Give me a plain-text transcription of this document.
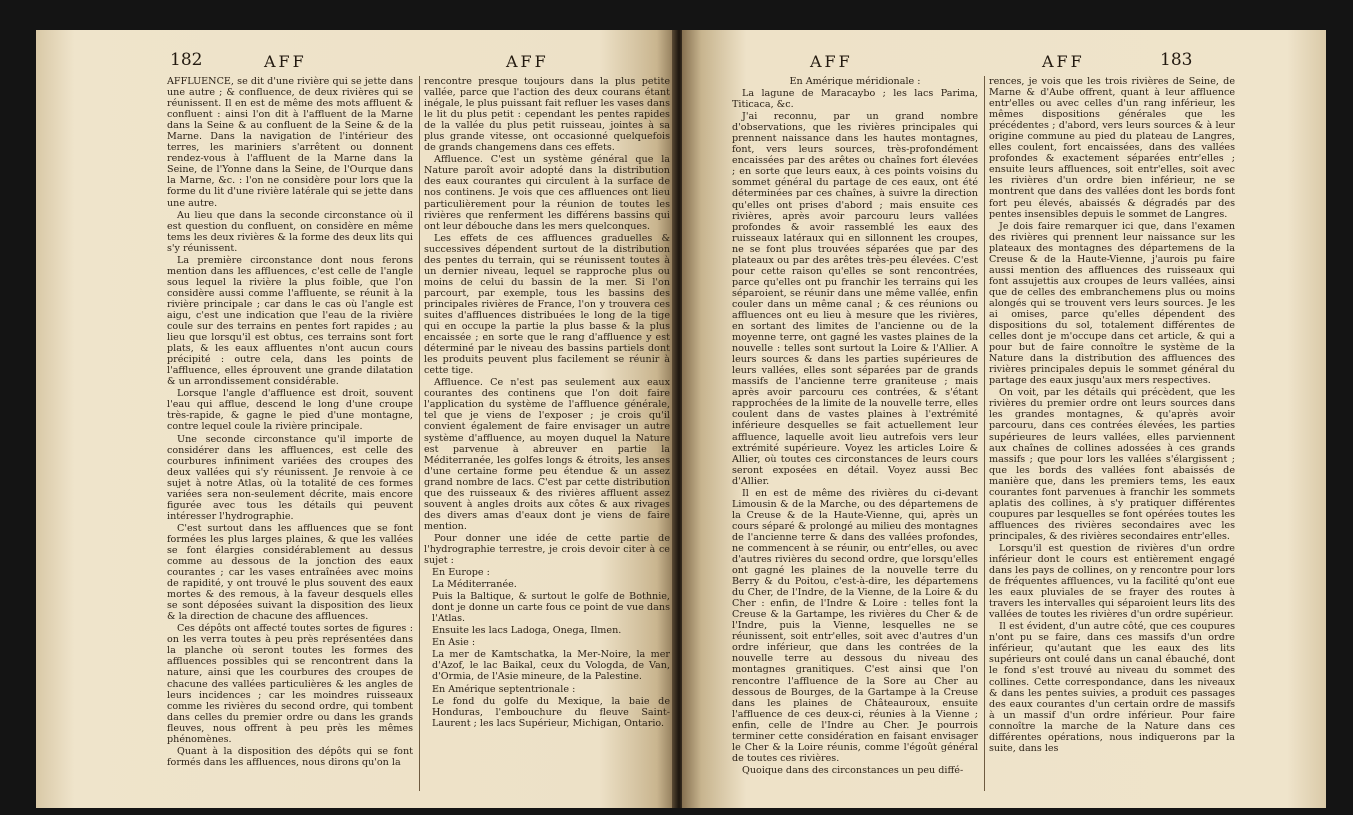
182	AFF	AFF

AFFLUENCE, se dit d'une rivière qui se jette dans une autre ; & confluence, de deux rivières qui se réunissent. Il en est de même des mots affluent & confluent : ainsi l'on dit à l'affluent de la Marne dans la Seine & au confluent de la Seine & de la Marne. Dans la navigation de l'intérieur des terres, les mariniers s'arrêtent ou donnent rendez-vous à l'affluent de la Marne dans la Seine, de l'Yonne dans la Seine, de l'Ourque dans la Marne, &c. : l'on ne considère pour lors que la forme du lit d'une rivière latérale qui se jette dans une autre.

Au lieu que dans la seconde circonstance où il est question du confluent, on considère en même tems les deux rivières & la forme des deux lits qui s'y réunissent.

La première circonstance dont nous ferons mention dans les affluences, c'est celle de l'angle sous lequel la rivière la plus foible, que l'on considère aussi comme l'affluente, se réunit à la rivière principale ; car dans le cas où l'angle est aigu, c'est une indication que l'eau de la rivière coule sur des terrains en pentes fort rapides ; au lieu que lorsqu'il est obtus, ces terrains sont fort plats, & les eaux affluentes n'ont aucun cours précipité : outre cela, dans les points de l'affluence, elles éprouvent une grande dilatation & un arrondissement considérable.

Lorsque l'angle d'affluence est droit, souvent l'eau qui afflue, descend le long d'une croupe très-rapide, & gagne le pied d'une montagne, contre lequel coule la rivière principale.

Une seconde circonstance qu'il importe de considérer dans les affluences, est celle des courbures infiniment variées des croupes des deux vallées qui s'y réunissent. Je renvoie à ce sujet à notre Atlas, où la totalité de ces formes variées sera non-seulement décrite, mais encore figurée avec tous les détails qui peuvent intéresser l'hydrographie.

C'est surtout dans les affluences que se font formées les plus larges plaines, & que les vallées se font élargies considérablement au dessus comme au dessous de la jonction des eaux courantes ; car les vases entraînées avec moins de rapidité, y ont trouvé le plus souvent des eaux mortes & des remous, à la faveur desquels elles se sont déposées suivant la disposition des lieux & la direction de chacune des affluences.

Ces dépôts ont affecté toutes sortes de figures : on les verra toutes à peu près représentées dans la planche où seront toutes les formes des affluences possibles qui se rencontrent dans la nature, ainsi que les courbures des croupes de chacune des vallées particulières & les angles de leurs incidences ; car les moindres ruisseaux comme les rivières du second ordre, qui tombent dans celles du premier ordre ou dans les grands fleuves, nous offrent à peu près les mêmes phénomènes.

Quant à la disposition des dépôts qui se font formés dans les affluences, nous dirons qu'on la

rencontre presque toujours dans la plus petite vallée, parce que l'action des deux courans étant inégale, le plus puissant fait refluer les vases dans le lit du plus petit : cependant les pentes rapides de la vallée du plus petit ruisseau, jointes à sa plus grande vitesse, ont occasionné quelquefois de grands changemens dans ces effets.

Affluence. C'est un système général que la Nature paroît avoir adopté dans la distribution des eaux courantes qui circulent à la surface de nos continens. Je vois que ces affluences ont lieu particulièrement pour la réunion de toutes les rivières que renferment les différens bassins qui ont leur débouche dans les mers quelconques.

Les effets de ces affluences graduelles & successives dépendent surtout de la distribution des pentes du terrain, qui se réunissent toutes à un dernier niveau, lequel se rapproche plus ou moins de celui du bassin de la mer. Si l'on parcourt, par exemple, tous les bassins des principales rivières de France, l'on y trouvera ces suites d'affluences distribuées le long de la tige qui en occupe la partie la plus basse & la plus encaissée ; en sorte que le rang d'affluence y est déterminé par le niveau des bassins partiels dont les produits peuvent plus facilement se réunir à cette tige.

Affluence. Ce n'est pas seulement aux eaux courantes des continens que l'on doit faire l'application du système de l'affluence générale, tel que je viens de l'exposer ; je crois qu'il convient également de faire envisager un autre système d'affluence, au moyen duquel la Nature est parvenue à abreuver en partie la Méditerranée, les golfes longs & étroits, les anses d'une certaine forme peu étendue & un assez grand nombre de lacs. C'est par cette distribution que des ruisseaux & des rivières affluent assez souvent à angles droits aux côtes & aux rivages des divers amas d'eaux dont je viens de faire mention.

Pour donner une idée de cette partie de l'hydrographie terrestre, je crois devoir citer à ce sujet :

En Europe :

La Méditerranée.

Puis la Baltique, & surtout le golfe de Bothnie, dont je donne un carte fous ce point de vue dans l'Atlas.

Ensuite les lacs Ladoga, Onega, Ilmen.

En Asie :

La mer de Kamtschatka, la Mer-Noire, la mer d'Azof, le lac Baikal, ceux du Vologda, de Van, d'Ormia, de l'Asie mineure, de la Palestine.

En Amérique septentrionale :

Le fond du golfe du Mexique, la baie de Honduras, l'embouchure du fleuve Saint-Laurent ; les lacs Supérieur, Michigan, Ontario.

AFF	AFF	183

En Amérique méridionale :

La lagune de Maracaybo ; les lacs Parima, Titicaca, &c.

J'ai reconnu, par un grand nombre d'observations, que les rivières principales qui prennent naissance dans les hautes montagnes, font, vers leurs sources, très-profondément encaissées par des arêtes ou chaînes fort élevées ; en sorte que leurs eaux, à ces points voisins du sommet général du partage de ces eaux, ont été déterminées par ces chaînes, à suivre la direction qu'elles ont prises d'abord ; mais ensuite ces rivières, après avoir parcouru leurs vallées profondes & avoir rassemblé les eaux des ruisseaux latéraux qui en sillonnent les croupes, ne se font plus trouvées séparées que par des plateaux ou par des arêtes très-peu élevées. C'est pour cette raison qu'elles se sont rencontrées, parce qu'elles ont pu franchir les terrains qui les séparoient, se réunir dans une même vallée, enfin couler dans un même canal ; & ces réunions ou affluences ont eu lieu à mesure que les rivières, en sortant des limites de l'ancienne ou de la moyenne terre, ont gagné les vastes plaines de la nouvelle : telles sont surtout la Loire & l'Allier. A leurs sources & dans les parties supérieures de leurs vallées, elles sont séparées par de grands massifs de l'ancienne terre graniteuse ; mais après avoir parcouru ces contrées, & s'étant rapprochées de la limite de la nouvelle terre, elles coulent dans de vastes plaines à l'extrémité inférieure desquelles se fait actuellement leur affluence, laquelle avoit lieu autrefois vers leur extrémité supérieure. Voyez les articles Loire & Allier, où toutes ces circonstances de leurs cours seront exposées en détail. Voyez aussi Bec d'Allier.

Il en est de même des rivières du ci-devant Limousin & de la Marche, ou des départemens de la Creuse & de la Haute-Vienne, qui, après un cours séparé & prolongé au milieu des montagnes de l'ancienne terre & dans des vallées profondes, ne commencent à se réunir, ou entr'elles, ou avec d'autres rivières du second ordre, que lorsqu'elles ont gagné les plaines de la nouvelle terre du Berry & du Poitou, c'est-à-dire, les départemens du Cher, de l'Indre, de la Vienne, de la Loire & du Cher : enfin, de l'Indre & Loire : telles font la Creuse & la Gartampe, les rivières du Cher & de l'Indre, puis la Vienne, lesquelles ne se réunissent, soit entr'elles, soit avec d'autres d'un ordre inférieur, que dans les contrées de la nouvelle terre au dessous du niveau des montagnes granitiques. C'est ainsi que l'on rencontre l'affluence de la Sore au Cher au dessous de Bourges, de la Gartampe à la Creuse dans les plaines de Châteauroux, ensuite l'affluence de ces deux-ci, réunies à la Vienne ; enfin, celle de l'Indre au Cher. Je pourrois terminer cette considération en faisant envisager le Cher & la Loire réunis, comme l'égoût général de toutes ces rivières.

Quoique dans des circonstances un peu diffé-

rences, je vois que les trois rivières de Seine, de Marne & d'Aube offrent, quant à leur affluence entr'elles ou avec celles d'un rang inférieur, les mêmes dispositions générales que les précédentes ; d'abord, vers leurs sources & à leur origine commune au pied du plateau de Langres, elles coulent, fort encaissées, dans des vallées profondes & exactement séparées entr'elles ; ensuite leurs affluences, soit entr'elles, soit avec les rivières d'un ordre bien inférieur, ne se montrent que dans des vallées dont les bords font fort peu élevés, abaissés & dégradés par des pentes insensibles depuis le sommet de Langres.

Je dois faire remarquer ici que, dans l'examen des rivières qui prennent leur naissance sur les plateaux des montagnes des départemens de la Creuse & de la Haute-Vienne, j'aurois pu faire aussi mention des affluences des ruisseaux qui font assujettis aux croupes de leurs vallées, ainsi que de celles des embranchemens plus ou moins alongés qui se trouvent vers leurs sources. Je les ai omises, parce qu'elles dépendent des dispositions du sol, totalement différentes de celles dont je m'occupe dans cet article, & qui a pour but de faire connoître le système de la Nature dans la distribution des affluences des rivières principales depuis le sommet général du partage des eaux jusqu'aux mers respectives.

On voit, par les détails qui précèdent, que les rivières du premier ordre ont leurs sources dans les grandes montagnes, & qu'après avoir parcouru, dans ces contrées élevées, les parties supérieures de leurs vallées, elles parviennent aux chaînes de collines adossées à ces grands massifs ; que pour lors les vallées s'élargissent ; que les bords des vallées font abaissés de manière que, dans les premiers tems, les eaux courantes font parvenues à franchir les sommets aplatis des collines, à s'y pratiquer différentes coupures par lesquelles se font opérées toutes les affluences des rivières secondaires avec les principales, & des rivières secondaires entr'elles.

Lorsqu'il est question de rivières d'un ordre inférieur dont le cours est entièrement engagé dans les pays de collines, on y rencontre pour lors de fréquentes affluences, vu la facilité qu'ont eue les eaux pluviales de se frayer des routes à travers les intervalles qui séparoient leurs lits des vallées de toutes les rivières d'un ordre supérieur.

Il est évident, d'un autre côté, que ces coupures n'ont pu se faire, dans ces massifs d'un ordre inférieur, qu'autant que les eaux des lits supérieurs ont coulé dans un canal ébauché, dont le fond s'est trouvé au niveau du sommet des collines. Cette correspondance, dans les niveaux & dans les pentes suivies, a produit ces passages des eaux courantes d'un certain ordre de massifs à un massif d'un ordre inférieur. Pour faire connoître la marche de la Nature dans ces différentes opérations, nous indiquerons par la suite, dans les
